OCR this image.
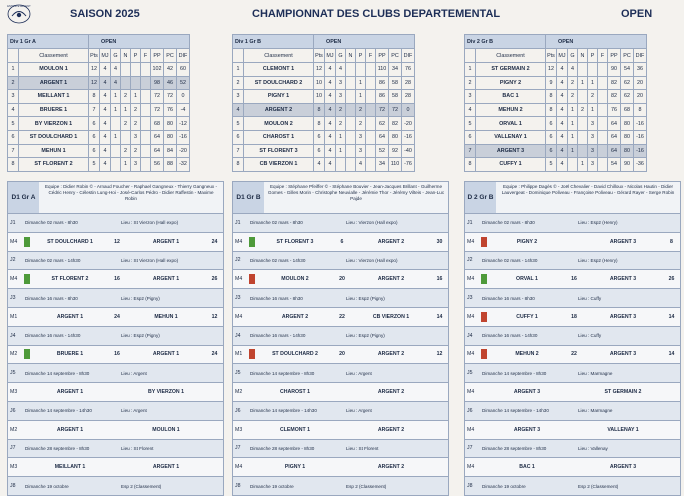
ENTENTE ARGENT
SAISON 2025	CHAMPIONNAT DES CLUBS DEPARTEMENTAL	OPEN
Div 1 Gr A		OPEN								
	Classement	Pts	MJ	G	N	P	F	PP	PC	DIF
1	MOULON 1	12	4	4				102	42	60
2	ARGENT 1	12	4	4				98	46	52
3	MEILLANT 1	8	4	1	2	1		72	72	0
4	BRUERE 1	7	4	1	1	2		72	76	-4
5	BY VIERZON 1	6	4		2	2		68	80	-12
6	ST DOULCHARD 1	6	4	1		3		64	80	-16
7	MEHUN 1	6	4		2	2		64	84	-20
8	ST FLORENT 2	5	4		1	3		56	88	-32
Div 1 Gr B		OPEN								
	Classement	Pts	MJ	G	N	P	F	PP	PC	DIF
1	CLEMONT 1	12	4	4				110	34	76
2	ST DOULCHARD 2	10	4	3		1		86	58	28
3	PIGNY 1	10	4	3		1		86	58	28
4	ARGENT 2	8	4	2		2		72	72	0
5	MOULON 2	8	4	2		2		62	82	-20
6	CHAROST 1	6	4	1		3		64	80	-16
7	ST FLORENT 3	6	4	1		3		52	92	-40
8	CB VIERZON 1	4	4			4		34	110	-76
Div 2 Gr B		OPEN								
	Classement	Pts	MJ	G	N	P	F	PP	PC	DIF
1	ST GERMAIN 2	12	4	4				90	54	36
2	PIGNY 2	9	4	2	1	1		82	62	20
3	BAC 1	8	4	2		2		82	62	20
4	MEHUN 2	8	4	1	2	1		76	68	8
5	ORVAL 1	6	4	1		3		64	80	-16
6	VALLENAY 1	6	4	1		3		64	80	-16
7	ARGENT 3	6	4	1		3		64	80	-16
8	CUFFY 1	5	4		1	3		54	90	-36
D1 Gr A
Equipe : Didier Robin © - Arnaud Foucher - Raphael Gangneux - Thierry Gangneux - Cédric Henry - Célestin Lung-Hoi - José-Carlos Pédro - Didier Raffestin - Maxime Robin
J1	Dimanche 02 mars - 8h30	Lieu : St Vierzon (Hall expo)
M4	ST DOULCHARD 1	12	ARGENT 1	24
J2	Dimanche 02 mars - 14h30	Lieu : St Vierzon (Hall expo)
M4	ST FLORENT 2	16	ARGENT 1	26
J3	Dimanche 16 mars - 8h30	Lieu : Esp2 (Pigny)
M1	ARGENT 1	24	MEHUN 1	12
J4	Dimanche 16 mars - 14h30	Lieu : Esp2 (Pigny)
M2	BRUERE 1	16	ARGENT 1	24
J5	Dimanche 14 septembre - 8h30	Lieu : Argent
M3	ARGENT 1	BY VIERZON 1
J6	Dimanche 14 septembre - 14h30	Lieu : Argent
M2	ARGENT 1	MOULON 1
J7	Dimanche 28 septembre - 8h30	Lieu : St Florent
M3	MEILLANT 1	ARGENT 1
J8	Dimanche 19 octobre	Esp 2 (Classement)
D1 Gr B
Equipe : Stéphane Pfeiffer © - Stéphane Bouvier - Jean-Jacques Brillant - Guilherme Gomes - Gilles Morin - Christophe Neuvialle - Jérémie Thor - Jérémy Vilteis - Jean-Luc Pajde
J1	Dimanche 02 mars - 8h30	Lieu : Vierzon (Hall expo)
M4	ST FLORENT 3	6	ARGENT 2	30
J2	Dimanche 02 mars - 14h30	Lieu : Vierzon (Hall expo)
M4	MOULON 2	20	ARGENT 2	16
J3	Dimanche 16 mars - 8h30	Lieu : Esp2 (Pigny)
M4	ARGENT 2	22	CB VIERZON 1	14
J4	Dimanche 16 mars - 14h30	Lieu : Esp2 (Pigny)
M1	ST DOULCHARD 2	20	ARGENT 2	12
J5	Dimanche 14 septembre - 8h30	Lieu : Argent
M2	CHAROST 1	ARGENT 2
J6	Dimanche 14 septembre - 14h30	Lieu : Argent
M3	CLEMONT 1	ARGENT 2
J7	Dimanche 28 septembre - 8h30	Lieu : St Florent
M4	PIGNY 1	ARGENT 2
J8	Dimanche 19 octobre	Esp 2 (Classement)
D 2 Gr B
Equipe : Philippe Dagès © - Joël Chevalier - David Chilloux - Nicolas Hautin - Didier Lauvergeat - Dominique Poliveau - Françoise Poliveau - Gérard Rayer - Serge Robin
J1	Dimanche 02 mars - 8h30	Lieu : Esp2 (Henry)
M4	PIGNY 2	ARGENT 3	8
J2	Dimanche 02 mars - 14h30	Lieu : Esp2 (Henry)
M4	ORVAL 1	16	ARGENT 3	26
J3	Dimanche 16 mars - 8h30	Lieu : Cuffy
M4	CUFFY 1	18	ARGENT 3	14
J4	Dimanche 16 mars - 14h30	Lieu : Cuffy
M4	MEHUN 2	22	ARGENT 3	14
J5	Dimanche 14 septembre - 8h30	Lieu : Marmagne
M4	ARGENT 3	ST GERMAIN 2
J6	Dimanche 14 septembre - 14h30	Lieu : Marmagne
M4	ARGENT 3	VALLENAY 1
J7	Dimanche 28 septembre - 8h30	Lieu : Vallenay
M4	BAC 1	ARGENT 3
J8	Dimanche 19 octobre	Esp 2 (Classement)
